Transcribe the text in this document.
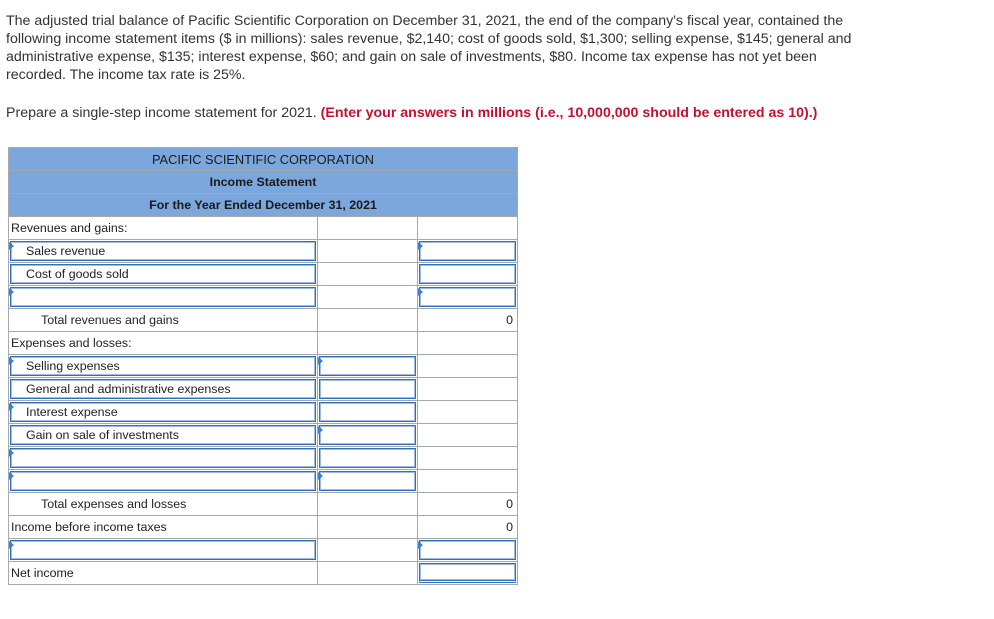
The adjusted trial balance of Pacific Scientific Corporation on December 31, 2021, the end of the company's fiscal year, contained the

following income statement items ($ in millions): sales revenue, $2,140; cost of goods sold, $1,300; selling expense, $145; general and

administrative expense, $135; interest expense, $60; and gain on sale of investments, $80. Income tax expense has not yet been

recorded. The income tax rate is 25%.

Prepare a single-step income statement for 2021. (Enter your answers in millions (i.e., 10,000,000 should be entered as 10).)
PACIFIC SCIENTIFIC CORPORATION		
Income Statement		
For the Year Ended December 31, 2021		
Revenues and gains:		

Sales revenue		

Cost of goods sold		

Total revenues and gains		0
Expenses and losses:		

Selling expenses	

General and administrative expenses	

Interest expense	

Gain on sale of investments	

Total expenses and losses		0
Income before income taxes		0

Net income		
